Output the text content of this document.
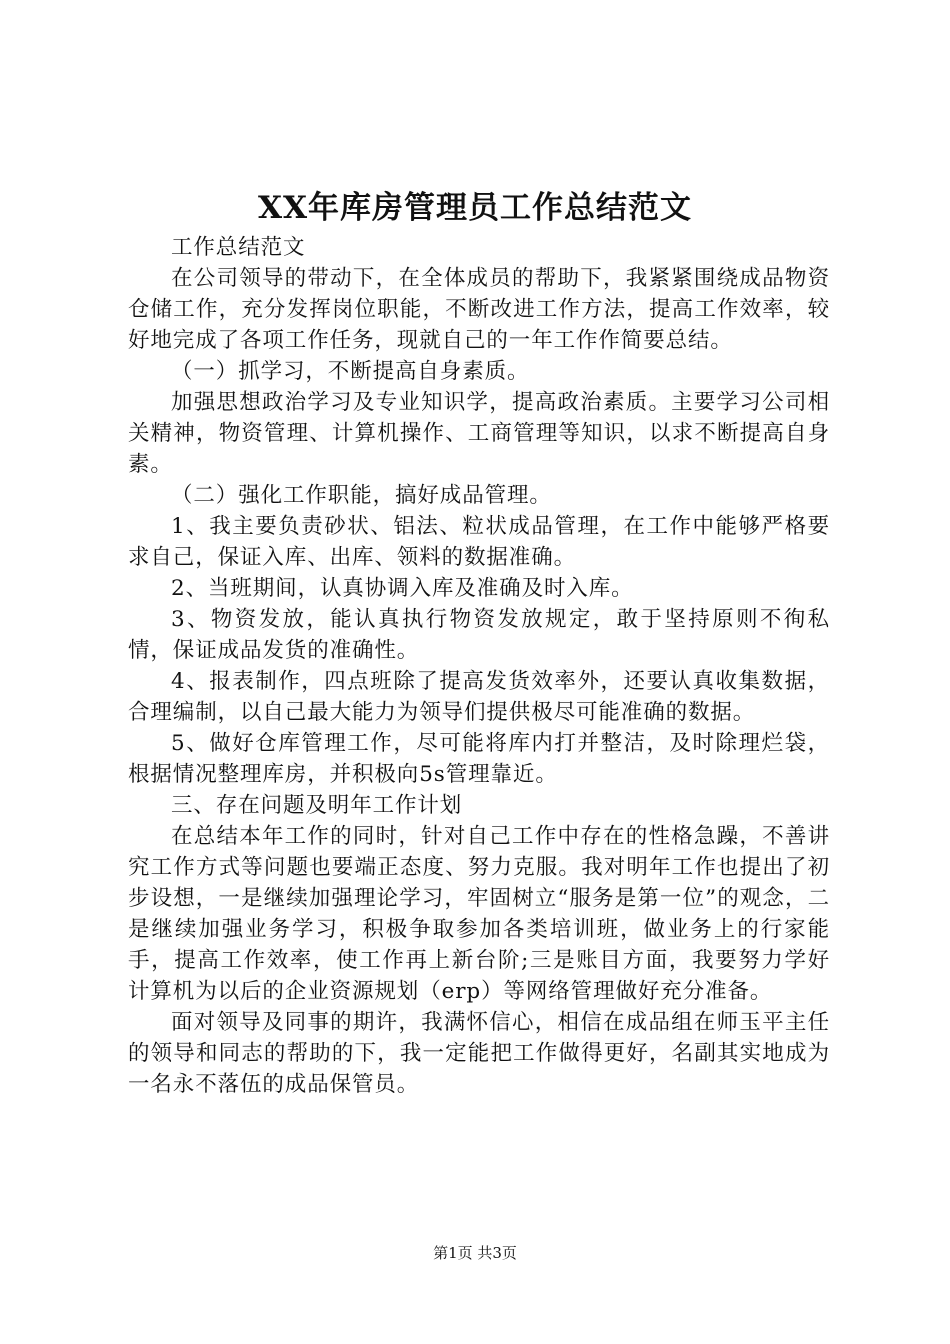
XX年库房管理员工作总结范文

工作总结范文

在公司领导的带动下，在全体成员的帮助下，我紧紧围绕成品物资仓储工作，充分发挥岗位职能，不断改进工作方法，提高工作效率，较好地完成了各项工作任务，现就自己的一年工作作简要总结。

（一）抓学习，不断提高自身素质。

加强思想政治学习及专业知识学，提高政治素质。主要学习公司相关精神，物资管理、计算机操作、工商管理等知识，以求不断提高自身素。

（二）强化工作职能，搞好成品管理。

1、我主要负责砂状、铝法、粒状成品管理，在工作中能够严格要求自己，保证入库、出库、领料的数据准确。

2、当班期间，认真协调入库及准确及时入库。

3、物资发放，能认真执行物资发放规定，敢于坚持原则不徇私情，保证成品发货的准确性。

4、报表制作，四点班除了提高发货效率外，还要认真收集数据，合理编制，以自己最大能力为领导们提供极尽可能准确的数据。

5、做好仓库管理工作，尽可能将库内打并整洁，及时除理烂袋，根据情况整理库房，并积极向5s管理靠近。

三、存在问题及明年工作计划

在总结本年工作的同时，针对自己工作中存在的性格急躁，不善讲究工作方式等问题也要端正态度、努力克服。我对明年工作也提出了初步设想，一是继续加强理论学习，牢固树立“服务是第一位”的观念，二是继续加强业务学习，积极争取参加各类培训班，做业务上的行家能手，提高工作效率，使工作再上新台阶;三是账目方面，我要努力学好计算机为以后的企业资源规划（erp）等网络管理做好充分准备。

面对领导及同事的期许，我满怀信心，相信在成品组在师玉平主任的领导和同志的帮助的下，我一定能把工作做得更好，名副其实地成为一名永不落伍的成品保管员。

第1页 共3页
